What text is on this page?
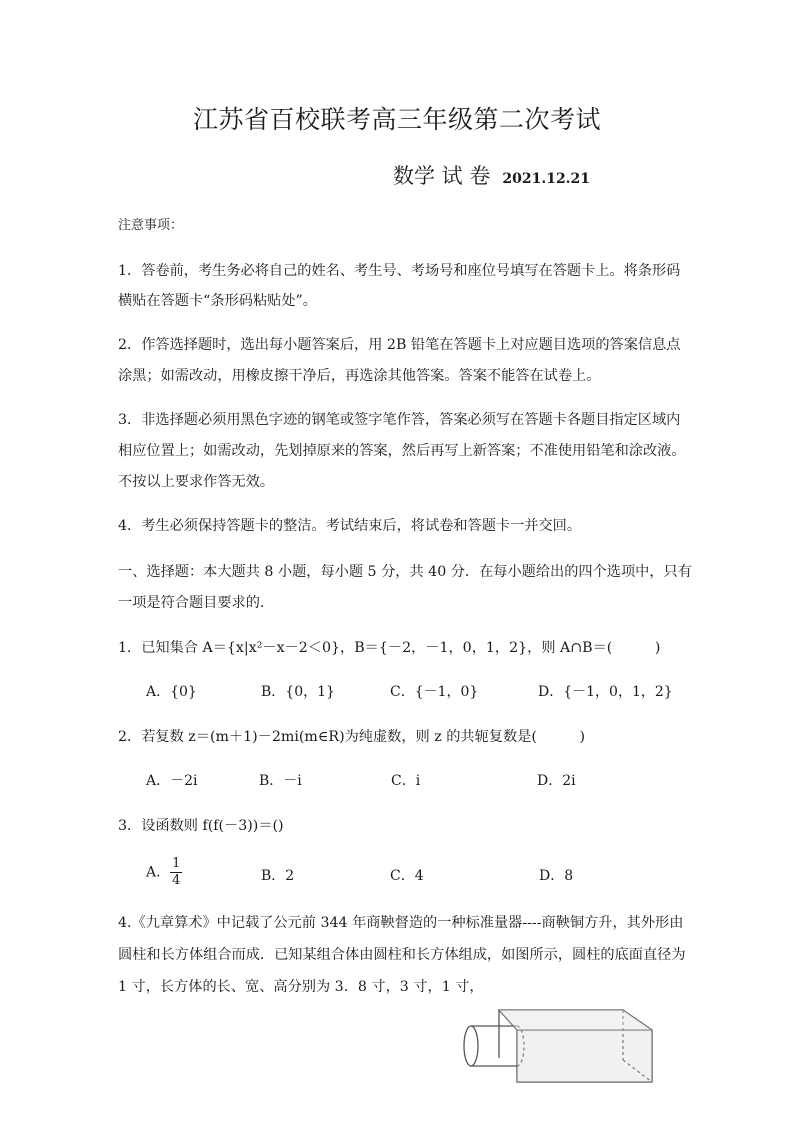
江苏省百校联考高三年级第二次考试
数学 试 卷 2021.12.21
注意事项：
1．答卷前，考生务必将自己的姓名、考生号、考场号和座位号填写在答题卡上。将条形码
横贴在答题卡“条形码粘贴处”。
2．作答选择题时，选出每小题答案后，用 2B 铅笔在答题卡上对应题目选项的答案信息点
涂黑；如需改动，用橡皮擦干净后，再选涂其他答案。答案不能答在试卷上。
3．非选择题必须用黑色字迹的钢笔或签字笔作答，答案必须写在答题卡各题目指定区域内
相应位置上；如需改动，先划掉原来的答案，然后再写上新答案；不准使用铅笔和涂改液。
不按以上要求作答无效。
4．考生必须保持答题卡的整洁。考试结束后，将试卷和答题卡一并交回。
一、选择题：本大题共 8 小题，每小题 5 分，共 40 分．在每小题给出的四个选项中，只有
一项是符合题目要求的.
1．已知集合 A＝{x|x²－x－2＜0}，B＝{－2，－1，0，1，2}，则 A∩B＝(　　　)
A．{0}	B．{0，1}	C．{－1，0}	D．{－1，0，1，2}
2．若复数 z＝(m＋1)－2mi(m∈R)为纯虚数，则 z 的共轭复数是(　　　)
A．－2i	B．－i	C．i	D．2i
3．设函数则 f(f(－3))＝()
A． $\frac{1}{4}$	B．2	C．4	D．8
4.《九章算术》中记载了公元前 344 年商鞅督造的一种标准量器----商鞅铜方升，其外形由
圆柱和长方体组合而成．已知某组合体由圆柱和长方体组成，如图所示，圆柱的底面直径为
1 寸，长方体的长、宽、高分别为 3．8 寸，3 寸，1 寸，
